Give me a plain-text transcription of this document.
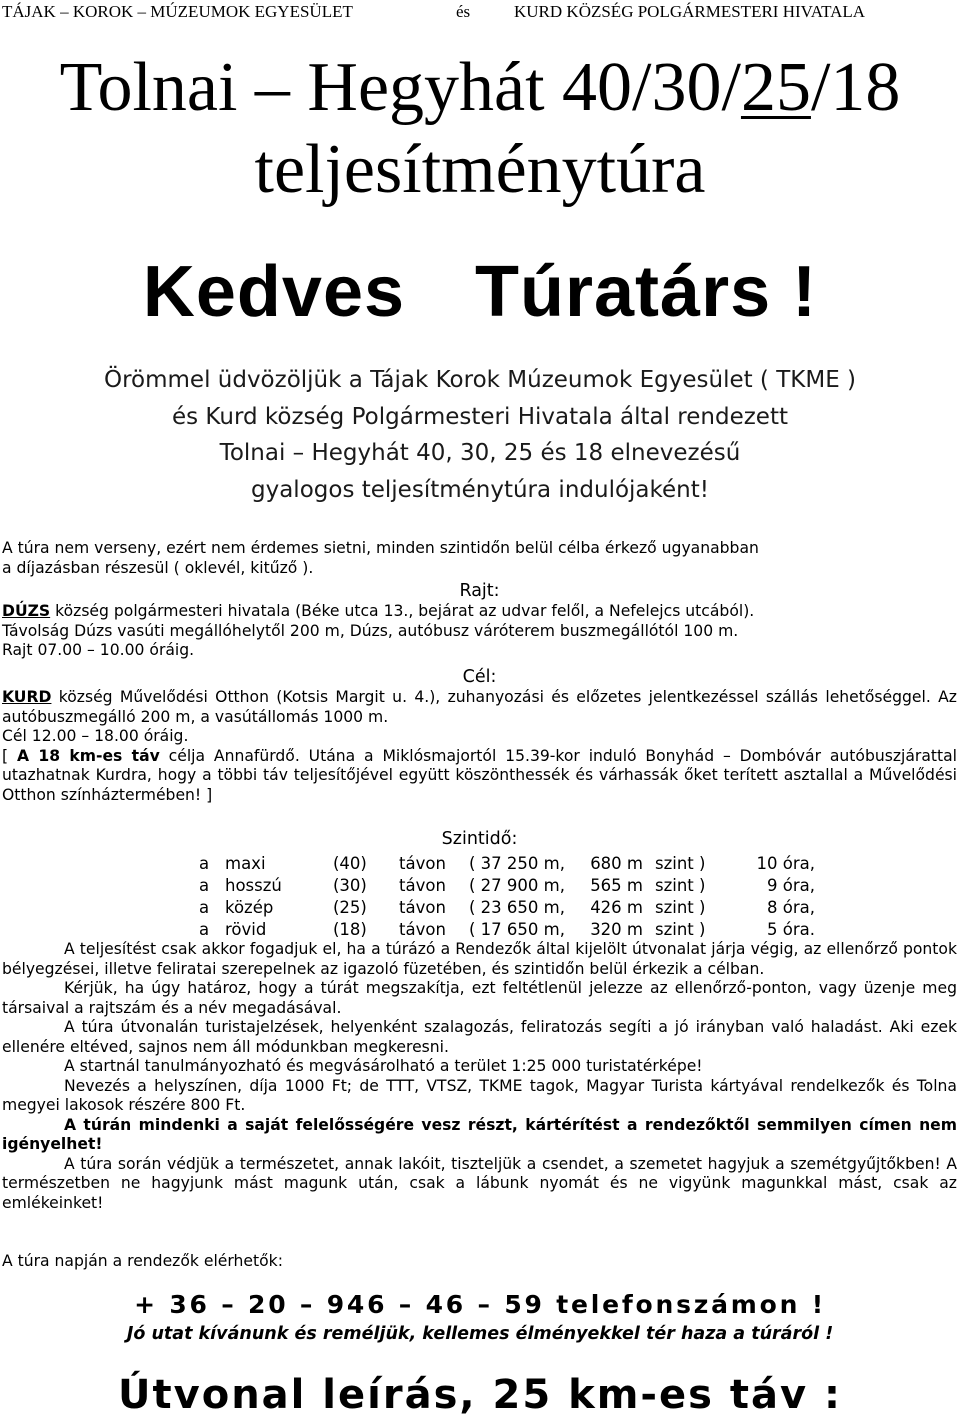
TÁJAK – KOROK – MÚZEUMOK EGYESÜLET	és	KURD KÖZSÉG POLGÁRMESTERI HIVATALA
Tolnai – Hegyhát 40/30/25/18
teljesítménytúra
Kedves Túratárs !
Örömmel üdvözöljük a Tájak Korok Múzeumok Egyesület ( TKME )
és Kurd község Polgármesteri Hivatala által rendezett
Tolnai – Hegyhát 40, 30, 25 és 18 elnevezésű
gyalogos teljesítménytúra indulójaként!
A túra nem verseny, ezért nem érdemes sietni, minden szintidőn belül célba érkező ugyanabban
a díjazásban részesül ( oklevél, kitűző ).
Rajt:
DÚZS község polgármesteri hivatala (Béke utca 13., bejárat az udvar felől, a Nefelejcs utcából).
Távolság Dúzs vasúti megállóhelytől 200 m, Dúzs, autóbusz váróterem buszmegállótól 100 m.
Rajt 07.00 – 10.00 óráig.
Cél:
KURD község Művelődési Otthon (Kotsis Margit u. 4.), zuhanyozási és előzetes jelentkezéssel szállás lehetőséggel. Az autóbuszmegálló 200 m, a vasútállomás 1000 m.
Cél 12.00 – 18.00 óráig.
[ A 18 km-es táv célja Annafürdő. Utána a Miklósmajortól 15.39-kor induló Bonyhád – Dombóvár autóbuszjárattal utazhatnak Kurdra, hogy a többi táv teljesítőjével együtt köszönthessék és várhassák őket terített asztallal a Művelődési Otthon színháztermében! ]
Szintidő:
a	maxi	(40)	távon	( 37 250 m,	680 m	szint )	10 óra,
a	hosszú	(30)	távon	( 27 900 m,	565 m	szint )	9 óra,
a	közép	(25)	távon	( 23 650 m,	426 m	szint )	8 óra,
a	rövid	(18)	távon	( 17 650 m,	320 m	szint )	5 óra.
A teljesítést csak akkor fogadjuk el, ha a túrázó a Rendezők által kijelölt útvonalat járja végig, az ellenőrző pontok bélyegzései, illetve feliratai szerepelnek az igazoló füzetében, és szintidőn belül érkezik a célban.
Kérjük, ha úgy határoz, hogy a túrát megszakítja, ezt feltétlenül jelezze az ellenőrző-ponton, vagy üzenje meg társaival a rajtszám és a név megadásával.
A túra útvonalán turistajelzések, helyenként szalagozás, feliratozás segíti a jó irányban való haladást. Aki ezek ellenére eltéved, sajnos nem áll módunkban megkeresni.
A startnál tanulmányozható és megvásárolható a terület 1:25 000 turistatérképe!
Nevezés a helyszínen, díja 1000 Ft; de TTT, VTSZ, TKME tagok, Magyar Turista kártyával rendelkezők és Tolna megyei lakosok részére 800 Ft.
A túrán mindenki a saját felelősségére vesz részt, kártérítést a rendezőktől semmilyen címen nem igényelhet!
A túra során védjük a természetet, annak lakóit, tiszteljük a csendet, a szemetet hagyjuk a szemétgyűjtőkben! A természetben ne hagyjunk mást magunk után, csak a lábunk nyomát és ne vigyünk magunkkal mást, csak az emlékeinket!
A túra napján a rendezők elérhetők:
+ 36 – 20 – 946 – 46 – 59 telefonszámon !
Jó utat kívánunk és reméljük, kellemes élményekkel tér haza a túráról !
Útvonal leírás, 25 km-es táv :
